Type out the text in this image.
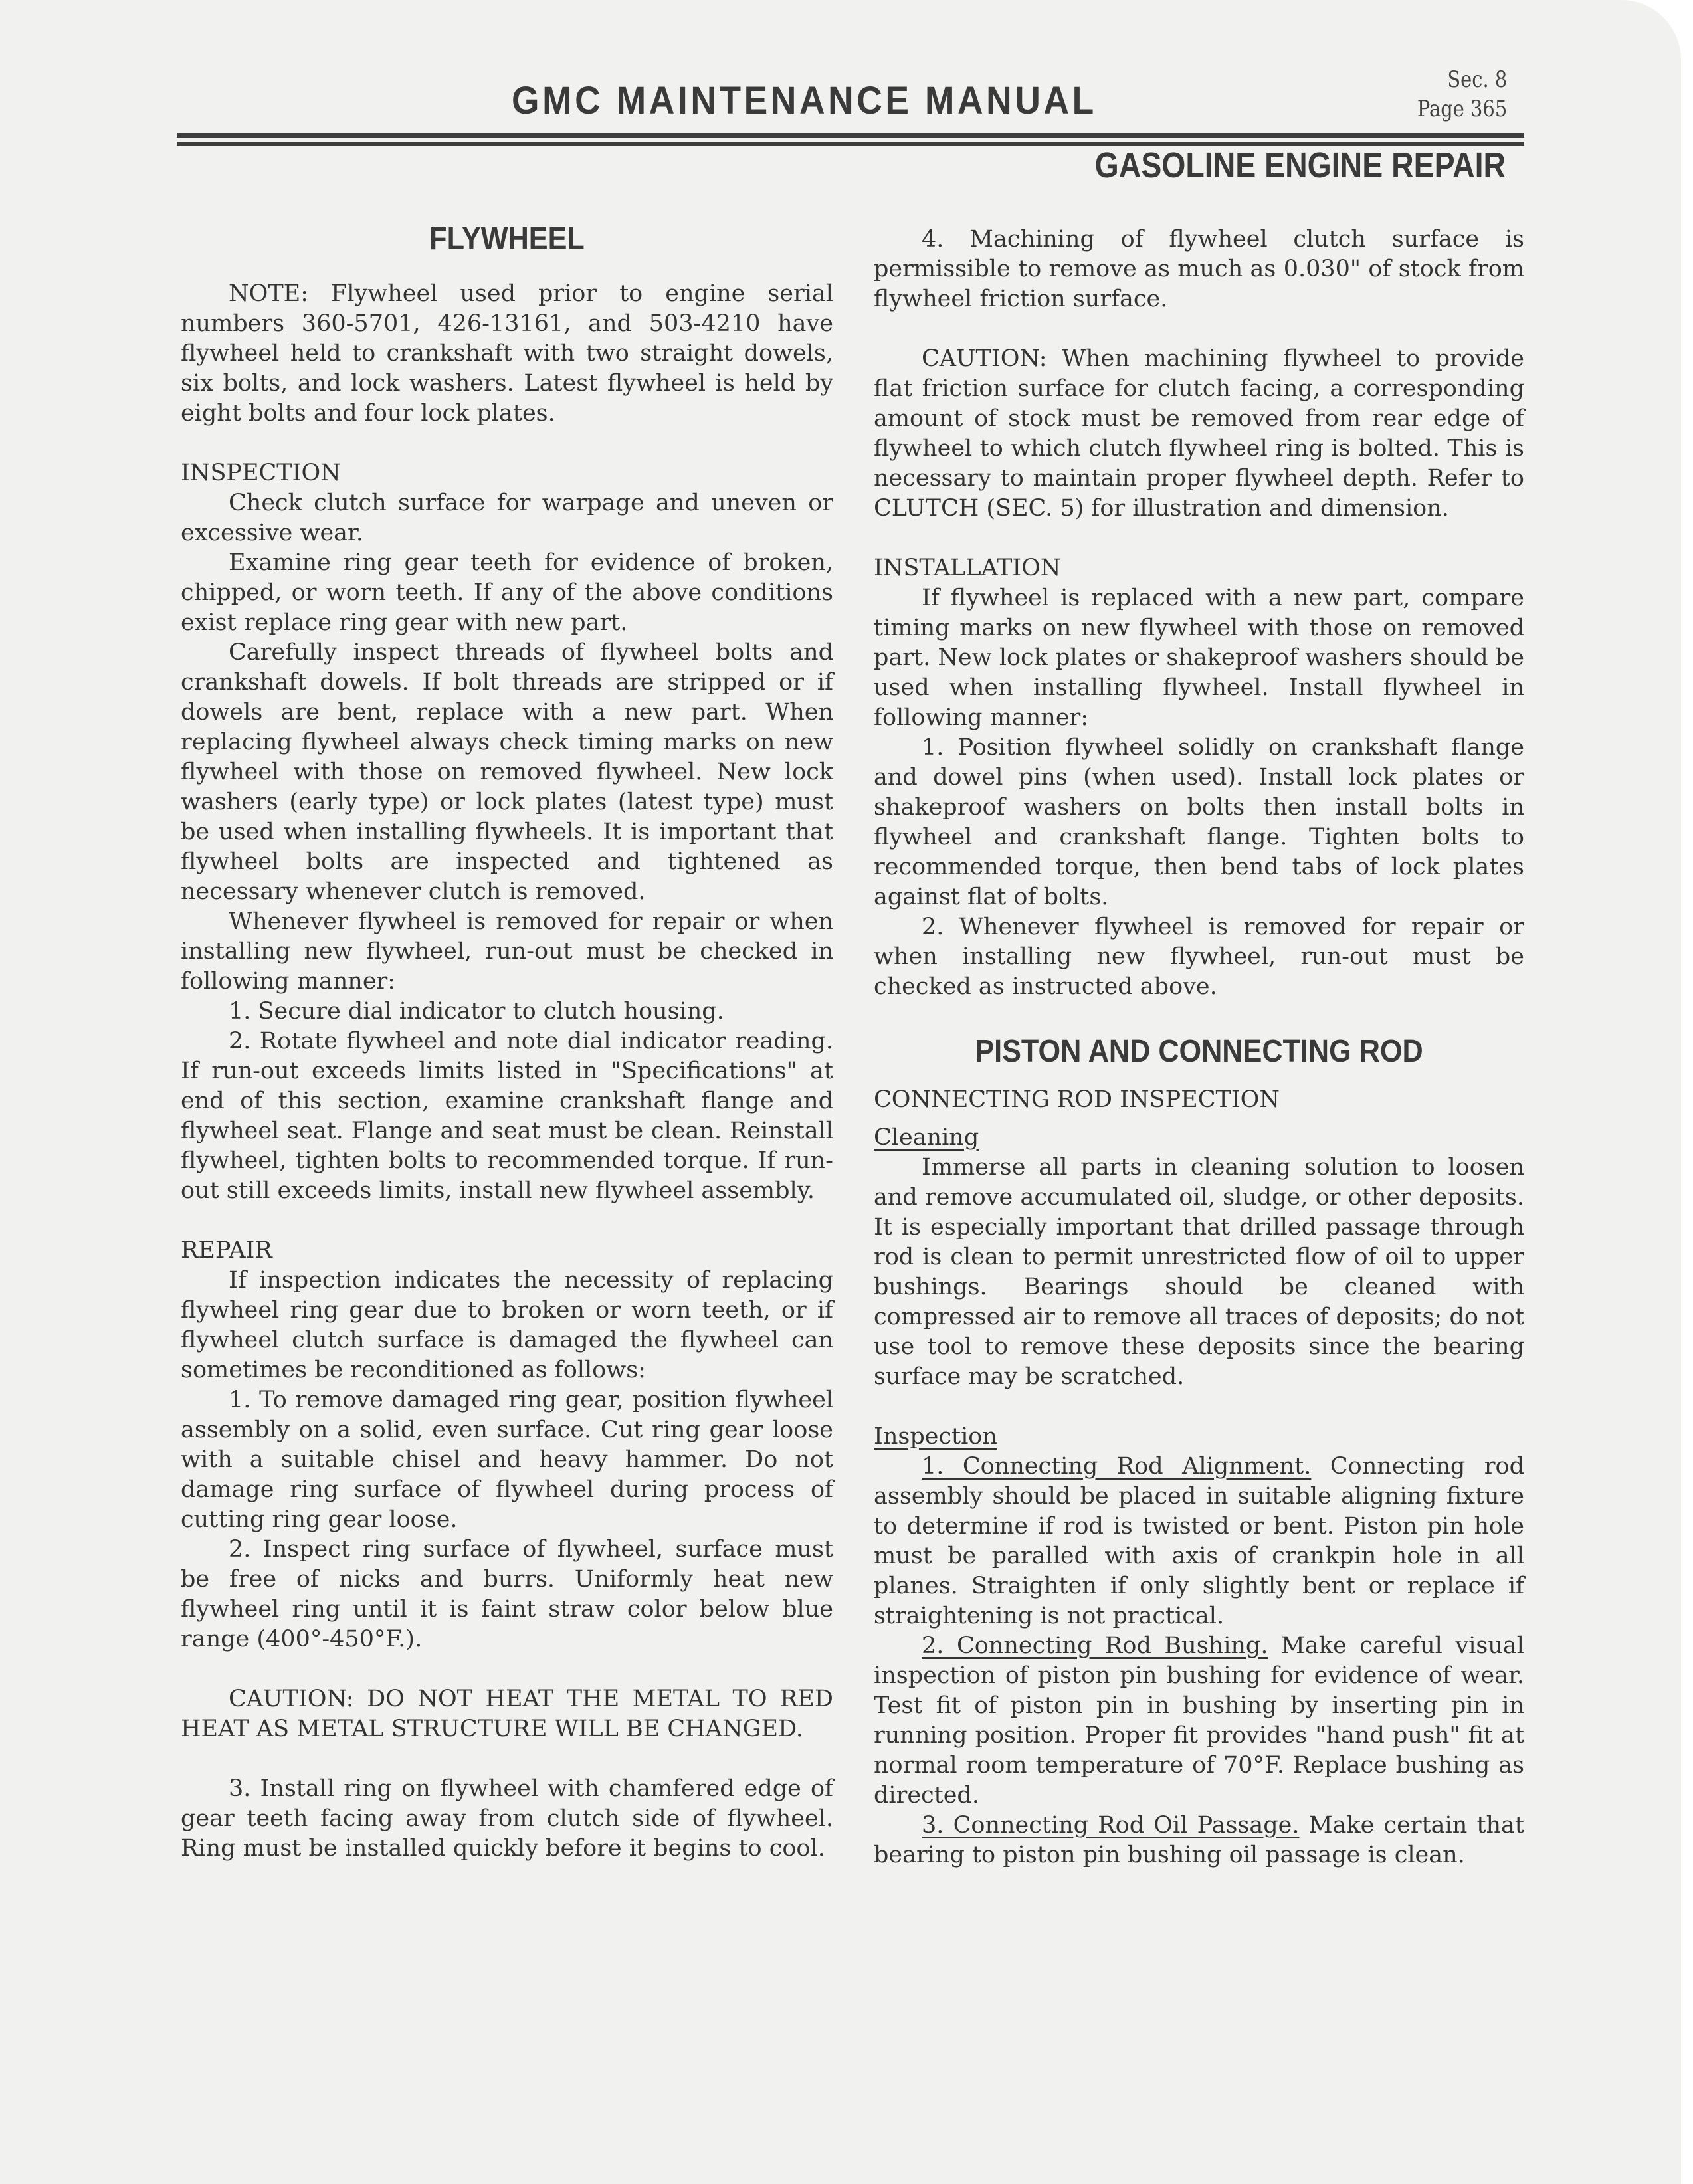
GMC MAINTENANCE MANUAL	Sec. 8
Page 365
GASOLINE ENGINE REPAIR
FLYWHEEL

NOTE: Flywheel used prior to engine serial numbers 360-5701, 426-13161, and 503-4210 have flywheel held to crankshaft with two straight dowels, six bolts, and lock washers. Latest flywheel is held by eight bolts and four lock plates.

INSPECTION

Check clutch surface for warpage and uneven or excessive wear.

Examine ring gear teeth for evidence of broken, chipped, or worn teeth. If any of the above conditions exist replace ring gear with new part.

Carefully inspect threads of flywheel bolts and crankshaft dowels. If bolt threads are stripped or if dowels are bent, replace with a new part. When replacing flywheel always check timing marks on new flywheel with those on removed flywheel. New lock washers (early type) or lock plates (latest type) must be used when installing flywheels. It is important that flywheel bolts are inspected and tightened as necessary whenever clutch is removed.

Whenever flywheel is removed for repair or when installing new flywheel, run-out must be checked in following manner:

1. Secure dial indicator to clutch housing.

2. Rotate flywheel and note dial indicator reading. If run-out exceeds limits listed in "Specifications" at end of this section, examine crankshaft flange and flywheel seat. Flange and seat must be clean. Reinstall flywheel, tighten bolts to recommended torque. If run-out still exceeds limits, install new flywheel assembly.

REPAIR

If inspection indicates the necessity of replacing flywheel ring gear due to broken or worn teeth, or if flywheel clutch surface is damaged the flywheel can sometimes be reconditioned as follows:

1. To remove damaged ring gear, position flywheel assembly on a solid, even surface. Cut ring gear loose with a suitable chisel and heavy hammer. Do not damage ring surface of flywheel during process of cutting ring gear loose.

2. Inspect ring surface of flywheel, surface must be free of nicks and burrs. Uniformly heat new flywheel ring until it is faint straw color below blue range (400°-450°F.).

CAUTION: DO NOT HEAT THE METAL TO RED HEAT AS METAL STRUCTURE WILL BE CHANGED.

3. Install ring on flywheel with chamfered edge of gear teeth facing away from clutch side of flywheel. Ring must be installed quickly before it begins to cool.

4. Machining of flywheel clutch surface is permissible to remove as much as 0.030" of stock from flywheel friction surface.

CAUTION: When machining flywheel to provide flat friction surface for clutch facing, a corresponding amount of stock must be removed from rear edge of flywheel to which clutch flywheel ring is bolted. This is necessary to maintain proper flywheel depth. Refer to CLUTCH (SEC. 5) for illustration and dimension.

INSTALLATION

If flywheel is replaced with a new part, compare timing marks on new flywheel with those on removed part. New lock plates or shakeproof washers should be used when installing flywheel. Install flywheel in following manner:

1. Position flywheel solidly on crankshaft flange and dowel pins (when used). Install lock plates or shakeproof washers on bolts then install bolts in flywheel and crankshaft flange. Tighten bolts to recommended torque, then bend tabs of lock plates against flat of bolts.

2. Whenever flywheel is removed for repair or when installing new flywheel, run-out must be checked as instructed above.

PISTON AND CONNECTING ROD

CONNECTING ROD INSPECTION

Cleaning

Immerse all parts in cleaning solution to loosen and remove accumulated oil, sludge, or other deposits. It is especially important that drilled passage through rod is clean to permit unrestricted flow of oil to upper bushings. Bearings should be cleaned with compressed air to remove all traces of deposits; do not use tool to remove these deposits since the bearing surface may be scratched.

Inspection

1. Connecting Rod Alignment. Connecting rod assembly should be placed in suitable aligning fixture to determine if rod is twisted or bent. Piston pin hole must be paralled with axis of crankpin hole in all planes. Straighten if only slightly bent or replace if straightening is not practical.

2. Connecting Rod Bushing. Make careful visual inspection of piston pin bushing for evidence of wear. Test fit of piston pin in bushing by inserting pin in running position. Proper fit provides "hand push" fit at normal room temperature of 70°F. Replace bushing as directed.

3. Connecting Rod Oil Passage. Make certain that bearing to piston pin bushing oil passage is clean.
